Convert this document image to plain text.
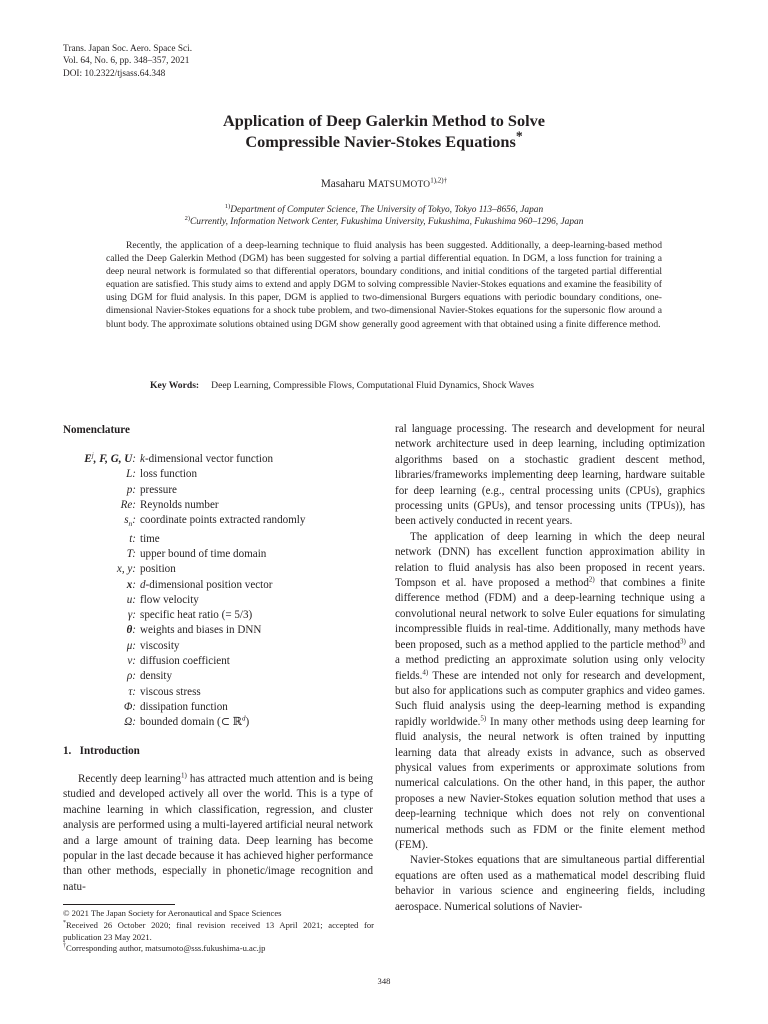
Trans. Japan Soc. Aero. Space Sci.
Vol. 64, No. 6, pp. 348–357, 2021
DOI: 10.2322/tjsass.64.348
Application of Deep Galerkin Method to Solve
Compressible Navier-Stokes Equations*
Masaharu $MATSUMOTO^{1),2)\dagger}$
$^{1)}$Department of Computer Science, The University of Tokyo, Tokyo 113–8656, Japan
$^{2)}$Currently, Information Network Center, Fukushima University, Fukushima, Fukushima 960–1296, Japan

Recently, the application of a deep-learning technique to fluid analysis has been suggested. Additionally, a deep-learning-based method called the Deep Galerkin Method (DGM) has been suggested for solving a partial differential equation. In DGM, a loss function for training a deep neural network is formulated so that differential operators, boundary conditions, and initial conditions of the targeted partial differential equation are satisfied. This study aims to extend and apply DGM to solving compressible Navier-Stokes equations and examine the feasibility of using DGM for fluid analysis. In this paper, DGM is applied to two-dimensional Burgers equations with periodic boundary conditions, one-dimensional Navier-Stokes equations for a shock tube problem, and two-dimensional Navier-Stokes equations for the supersonic flow around a blunt body. The approximate solutions obtained using DGM show generally good agreement with that obtained using a finite difference method.

Key Words: Deep Learning, Compressible Flows, Computational Fluid Dynamics, Shock Waves
Nomenclature
$E^j$, F, G, U: k-dimensional vector function
L: loss function
p: pressure
Re: Reynolds number
$s_n$: coordinate points extracted randomly
t: time
T: upper bound of time domain
x, y: position
x: d-dimensional position vector
u: flow velocity
γ: specific heat ratio (= 5/3)
θ: weights and biases in DNN
μ: viscosity
ν: diffusion coefficient
ρ: density
τ: viscous stress
Φ: dissipation function
Ω: bounded domain (⊂ ℝ$^d$)
1.   Introduction

Recently deep learning$^{1)}$ has attracted much attention and is being studied and developed actively all over the world. This is a type of machine learning in which classification, regression, and cluster analysis are performed using a multi-layered artificial neural network and a large amount of training data. Deep learning has become popular in the last decade because it has achieved higher performance than other methods, especially in phonetic/image recognition and natu-

© 2021 The Japan Society for Aeronautical and Space Sciences

*Received 26 October 2020; final revision received 13 April 2021; accepted for publication 23 May 2021.

†Corresponding author, matsumoto@sss.fukushima-u.ac.jp

ral language processing. The research and development for neural network architecture used in deep learning, including optimization algorithms based on a stochastic gradient descent method, libraries/frameworks implementing deep learning, hardware suitable for deep learning (e.g., central processing units (CPUs), graphics processing units (GPUs), and tensor processing units (TPUs)), has been actively conducted in recent years.

The application of deep learning in which the deep neural network (DNN) has excellent function approximation ability in relation to fluid analysis has also been proposed in recent years. Tompson et al. have proposed a method$^{2)}$ that combines a finite difference method (FDM) and a deep-learning technique using a convolutional neural network to solve Euler equations for simulating incompressible fluids in real-time. Additionally, many methods have been proposed, such as a method applied to the particle method$^{3)}$ and a method predicting an approximate solution using only velocity fields.$^{4)}$ These are intended not only for research and development, but also for applications such as computer graphics and video games. Such fluid analysis using the deep-learning method is expanding rapidly worldwide.$^{5)}$ In many other methods using deep learning for fluid analysis, the neural network is often trained by inputting learning data that already exists in advance, such as observed physical values from experiments or approximate solutions from numerical calculations. On the other hand, in this paper, the author proposes a new Navier-Stokes equation solution method that uses a deep-learning technique which does not rely on conventional numerical methods such as FDM or the finite element method (FEM).

Navier-Stokes equations that are simultaneous partial differential equations are often used as a mathematical model describing fluid behavior in various science and engineering fields, including aerospace. Numerical solutions of Navier-

348
